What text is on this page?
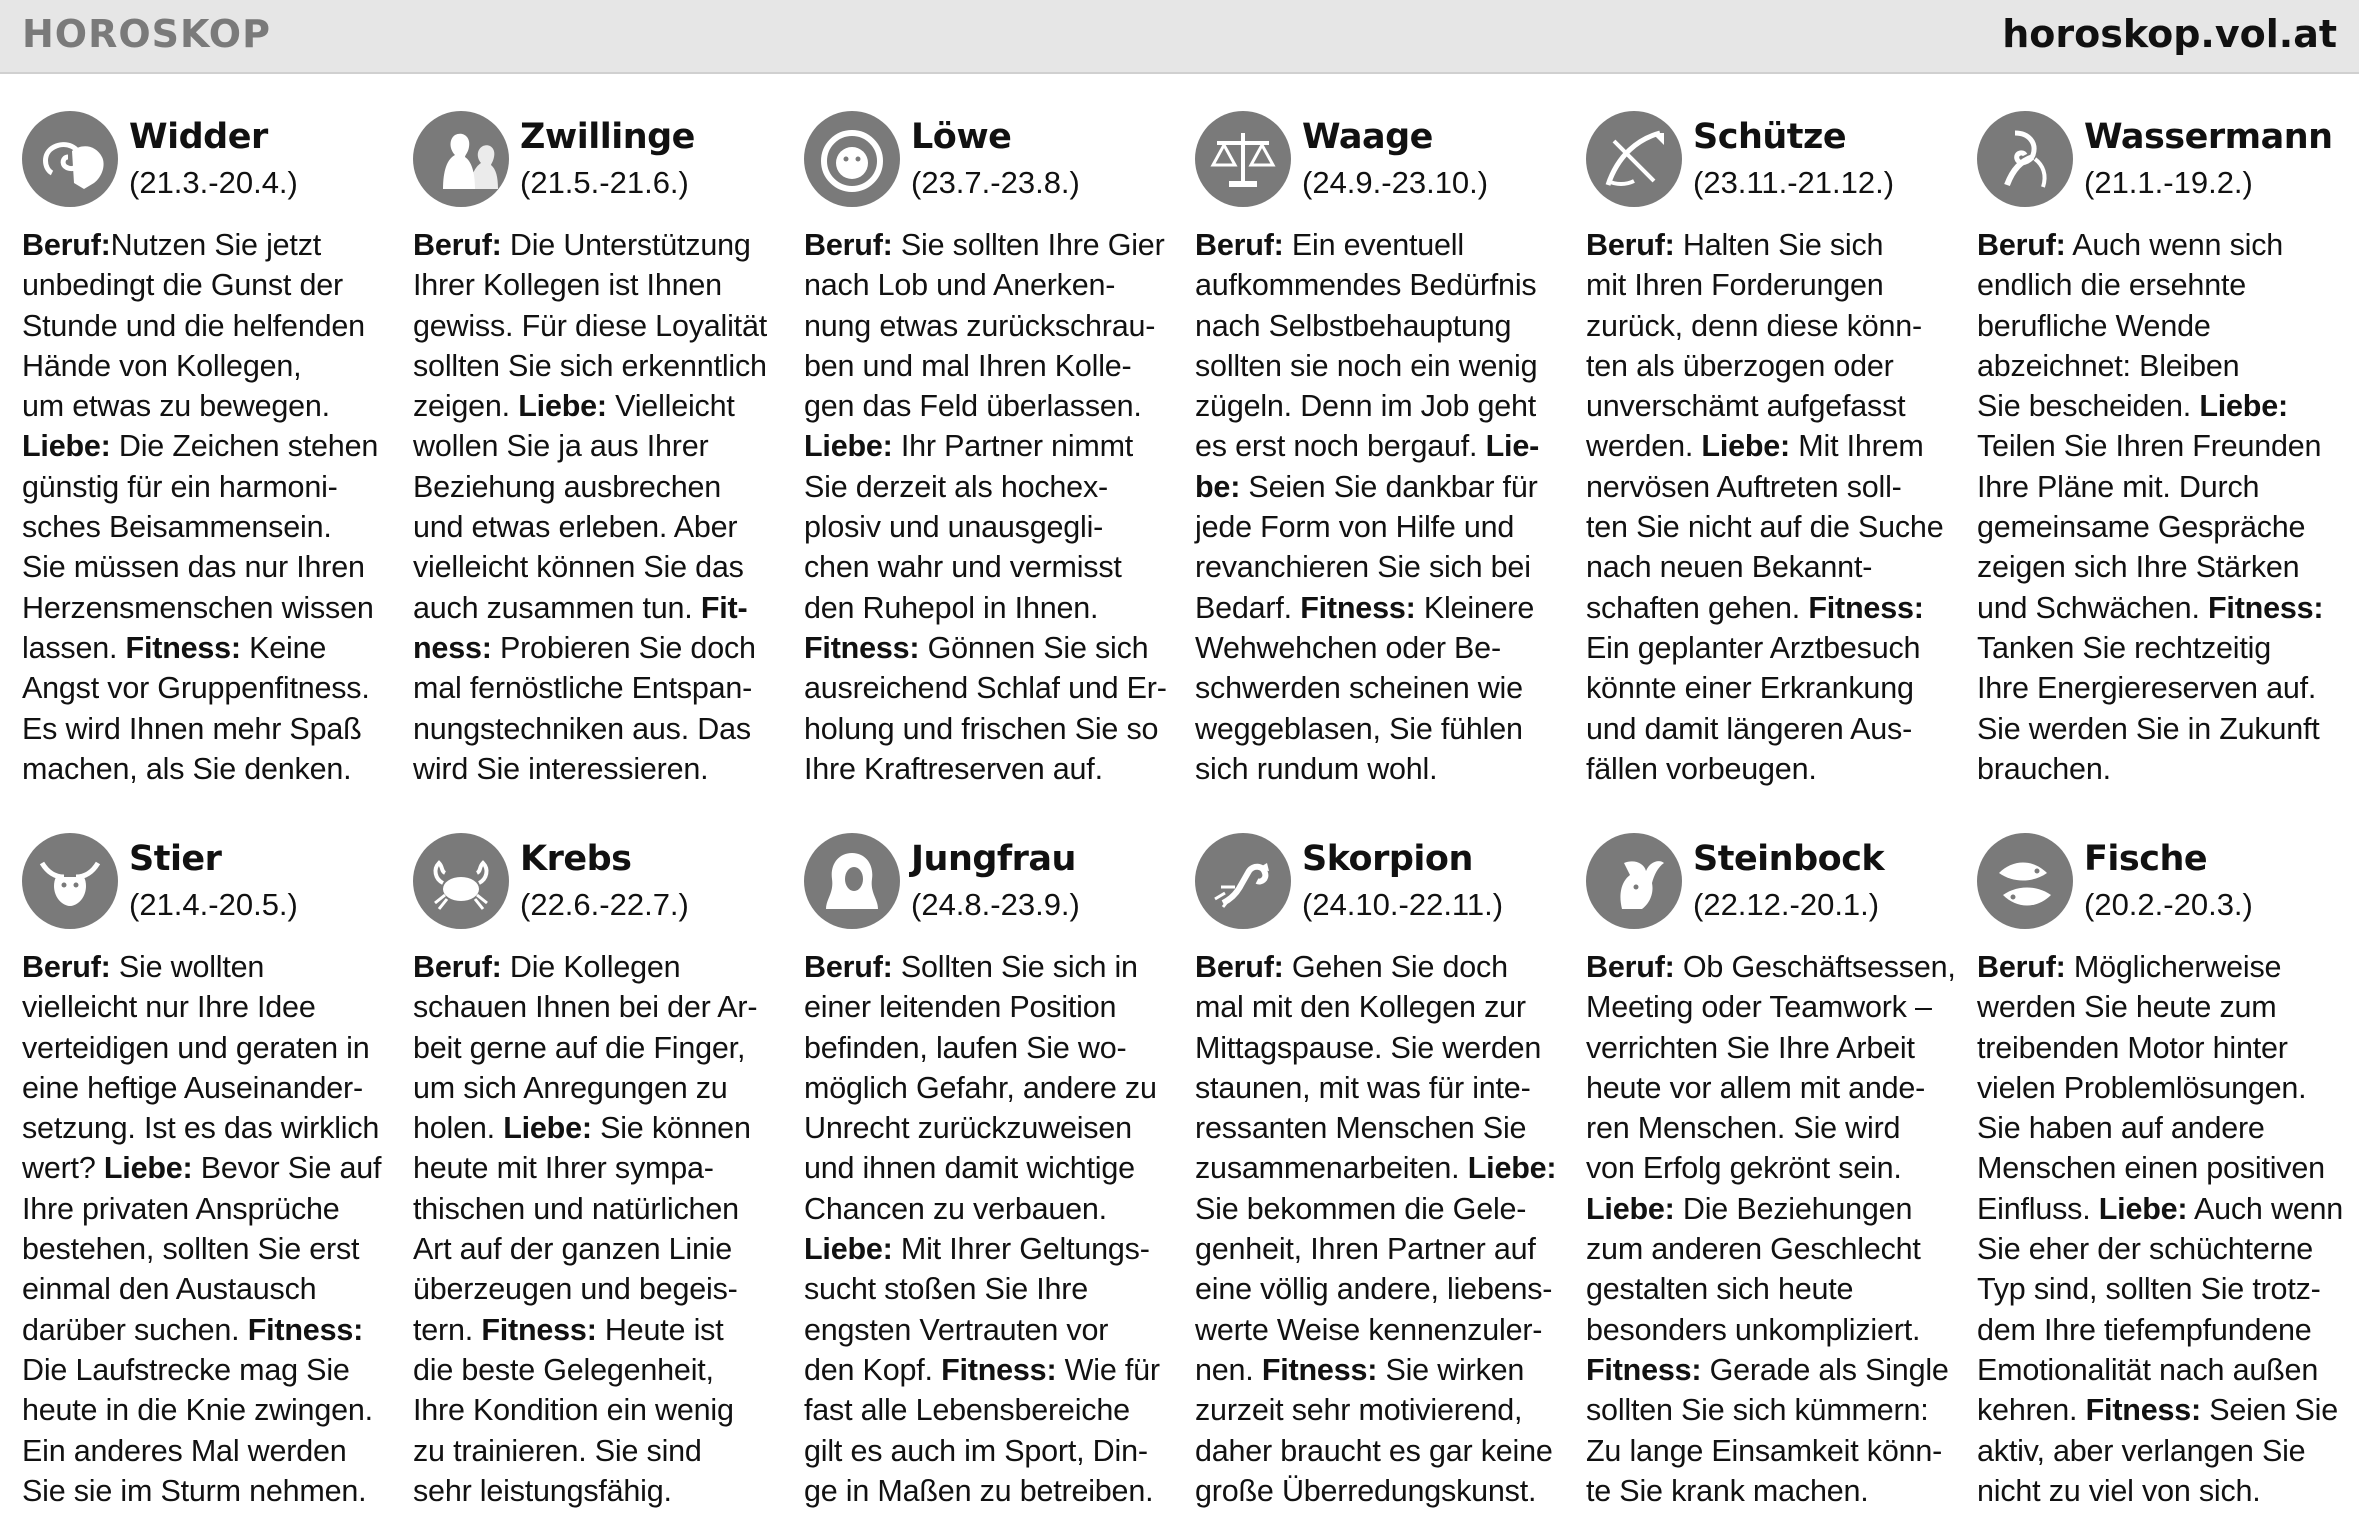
HOROSKOP	horoskop.vol.at
Widder
(21.3.-20.4.)
Beruf:Nutzen Sie jetzt
unbedingt die Gunst der
Stunde und die helfenden
Hände von Kollegen,
um etwas zu bewegen.
Liebe: Die Zeichen stehen
günstig für ein harmoni-
sches Beisammensein.
Sie müssen das nur Ihren
Herzensmenschen wissen
lassen. Fitness: Keine
Angst vor Gruppenfitness.
Es wird Ihnen mehr Spaß
machen, als Sie denken.
Zwillinge
(21.5.-21.6.)
Beruf: Die Unterstützung
Ihrer Kollegen ist Ihnen
gewiss. Für diese Loyalität
sollten Sie sich erkenntlich
zeigen. Liebe: Vielleicht
wollen Sie ja aus Ihrer
Beziehung ausbrechen
und etwas erleben. Aber
vielleicht können Sie das
auch zusammen tun. Fit-
ness: Probieren Sie doch
mal fernöstliche Entspan-
nungstechniken aus. Das
wird Sie interessieren.
Löwe
(23.7.-23.8.)
Beruf: Sie sollten Ihre Gier
nach Lob und Anerken-
nung etwas zurückschrau-
ben und mal Ihren Kolle-
gen das Feld überlassen.
Liebe: Ihr Partner nimmt
Sie derzeit als hochex-
plosiv und unausgegli-
chen wahr und vermisst
den Ruhepol in Ihnen.
Fitness: Gönnen Sie sich
ausreichend Schlaf und Er-
holung und frischen Sie so
Ihre Kraftreserven auf.
Waage
(24.9.-23.10.)
Beruf: Ein eventuell
aufkommendes Bedürfnis
nach Selbstbehauptung
sollten sie noch ein wenig
zügeln. Denn im Job geht
es erst noch bergauf. Lie-
be: Seien Sie dankbar für
jede Form von Hilfe und
revanchieren Sie sich bei
Bedarf. Fitness: Kleinere
Wehwehchen oder Be-
schwerden scheinen wie
weggeblasen, Sie fühlen
sich rundum wohl.
Schütze
(23.11.-21.12.)
Beruf: Halten Sie sich
mit Ihren Forderungen
zurück, denn diese könn-
ten als überzogen oder
unverschämt aufgefasst
werden. Liebe: Mit Ihrem
nervösen Auftreten soll-
ten Sie nicht auf die Suche
nach neuen Bekannt-
schaften gehen. Fitness:
Ein geplanter Arztbesuch
könnte einer Erkrankung
und damit längeren Aus-
fällen vorbeugen.
Wassermann
(21.1.-19.2.)
Beruf: Auch wenn sich
endlich die ersehnte
berufliche Wende
abzeichnet: Bleiben
Sie bescheiden. Liebe:
Teilen Sie Ihren Freunden
Ihre Pläne mit. Durch
gemeinsame Gespräche
zeigen sich Ihre Stärken
und Schwächen. Fitness:
Tanken Sie rechtzeitig
Ihre Energiereserven auf.
Sie werden Sie in Zukunft
brauchen.
Stier
(21.4.-20.5.)
Beruf: Sie wollten
vielleicht nur Ihre Idee
verteidigen und geraten in
eine heftige Auseinander-
setzung. Ist es das wirklich
wert? Liebe: Bevor Sie auf
Ihre privaten Ansprüche
bestehen, sollten Sie erst
einmal den Austausch
darüber suchen. Fitness:
Die Laufstrecke mag Sie
heute in die Knie zwingen.
Ein anderes Mal werden
Sie sie im Sturm nehmen.
Krebs
(22.6.-22.7.)
Beruf: Die Kollegen
schauen Ihnen bei der Ar-
beit gerne auf die Finger,
um sich Anregungen zu
holen. Liebe: Sie können
heute mit Ihrer sympa-
thischen und natürlichen
Art auf der ganzen Linie
überzeugen und begeis-
tern. Fitness: Heute ist
die beste Gelegenheit,
Ihre Kondition ein wenig
zu trainieren. Sie sind
sehr leistungsfähig.
Jungfrau
(24.8.-23.9.)
Beruf: Sollten Sie sich in
einer leitenden Position
befinden, laufen Sie wo-
möglich Gefahr, andere zu
Unrecht zurückzuweisen
und ihnen damit wichtige
Chancen zu verbauen.
Liebe: Mit Ihrer Geltungs-
sucht stoßen Sie Ihre
engsten Vertrauten vor
den Kopf. Fitness: Wie für
fast alle Lebensbereiche
gilt es auch im Sport, Din-
ge in Maßen zu betreiben.
Skorpion
(24.10.-22.11.)
Beruf: Gehen Sie doch
mal mit den Kollegen zur
Mittagspause. Sie werden
staunen, mit was für inte-
ressanten Menschen Sie
zusammenarbeiten. Liebe:
Sie bekommen die Gele-
genheit, Ihren Partner auf
eine völlig andere, liebens-
werte Weise kennenzuler-
nen. Fitness: Sie wirken
zurzeit sehr motivierend,
daher braucht es gar keine
große Überredungskunst.
Steinbock
(22.12.-20.1.)
Beruf: Ob Geschäftsessen,
Meeting oder Teamwork –
verrichten Sie Ihre Arbeit
heute vor allem mit ande-
ren Menschen. Sie wird
von Erfolg gekrönt sein.
Liebe: Die Beziehungen
zum anderen Geschlecht
gestalten sich heute
besonders unkompliziert.
Fitness: Gerade als Single
sollten Sie sich kümmern:
Zu lange Einsamkeit könn-
te Sie krank machen.
Fische
(20.2.-20.3.)
Beruf: Möglicherweise
werden Sie heute zum
treibenden Motor hinter
vielen Problemlösungen.
Sie haben auf andere
Menschen einen positiven
Einfluss. Liebe: Auch wenn
Sie eher der schüchterne
Typ sind, sollten Sie trotz-
dem Ihre tiefempfundene
Emotionalität nach außen
kehren. Fitness: Seien Sie
aktiv, aber verlangen Sie
nicht zu viel von sich.
